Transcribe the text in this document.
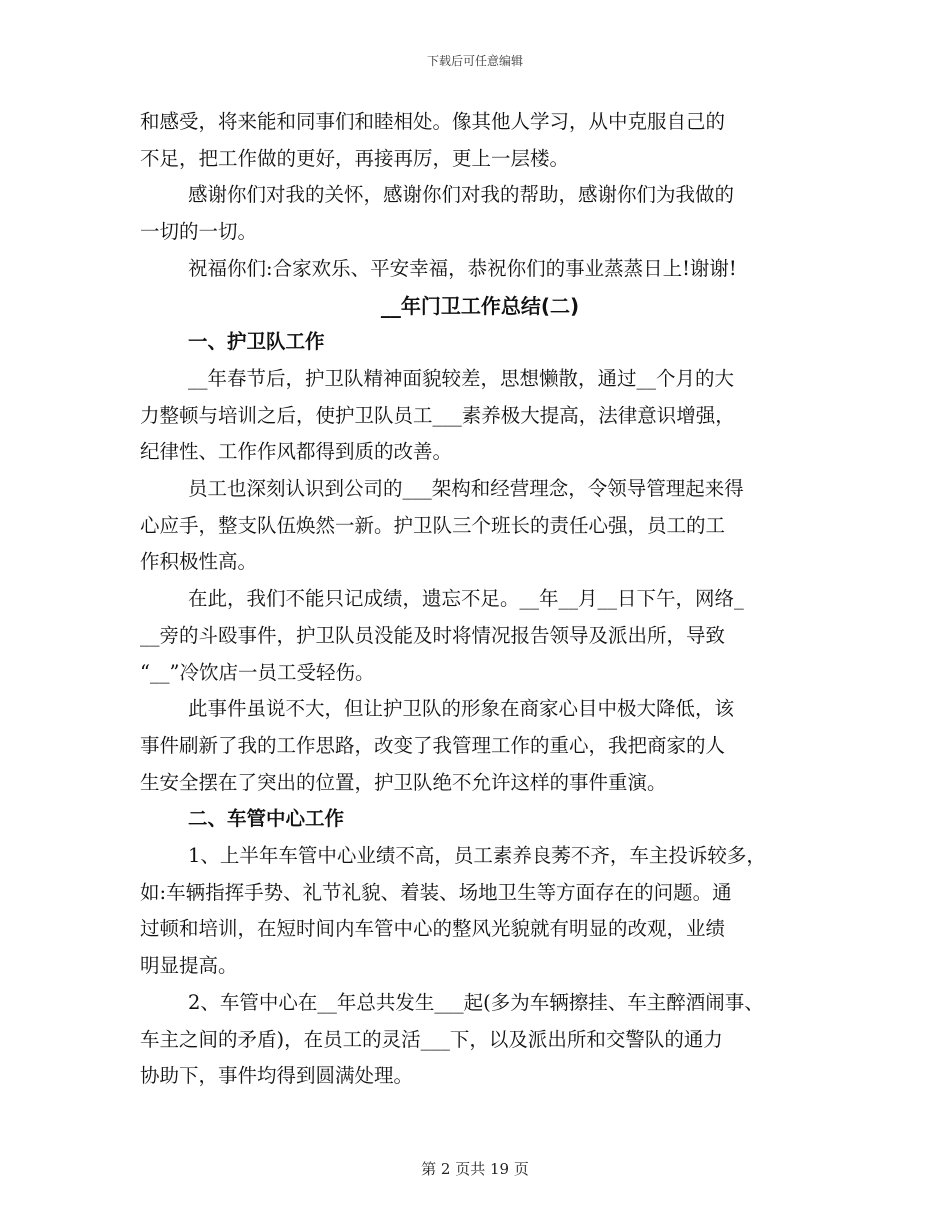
下载后可任意编辑
和感受，将来能和同事们和睦相处。像其他人学习，从中克服自己的
不足，把工作做的更好，再接再厉，更上一层楼。
感谢你们对我的关怀，感谢你们对我的帮助，感谢你们为我做的
一切的一切。
祝福你们:合家欢乐、平安幸福，恭祝你们的事业蒸蒸日上!谢谢!
__年门卫工作总结(二)
一、护卫队工作
__年春节后，护卫队精神面貌较差，思想懒散，通过__个月的大
力整顿与培训之后，使护卫队员工___素养极大提高，法律意识增强，
纪律性、工作作风都得到质的改善。
员工也深刻认识到公司的___架构和经营理念，令领导管理起来得
心应手，整支队伍焕然一新。护卫队三个班长的责任心强，员工的工
作积极性高。
在此，我们不能只记成绩，遗忘不足。__年__月__日下午，网络_
__旁的斗殴事件，护卫队员没能及时将情况报告领导及派出所，导致
“__”冷饮店一员工受轻伤。
此事件虽说不大，但让护卫队的形象在商家心目中极大降低，该
事件刷新了我的工作思路，改变了我管理工作的重心，我把商家的人
生安全摆在了突出的位置，护卫队绝不允许这样的事件重演。
二、车管中心工作
1、上半年车管中心业绩不高，员工素养良莠不齐，车主投诉较多，
如:车辆指挥手势、礼节礼貌、着装、场地卫生等方面存在的问题。通
过顿和培训，在短时间内车管中心的整风光貌就有明显的改观，业绩
明显提高。
2、车管中心在__年总共发生___起(多为车辆擦挂、车主醉酒闹事、
车主之间的矛盾)，在员工的灵活___下，以及派出所和交警队的通力
协助下，事件均得到圆满处理。
第 2 页共 19 页
